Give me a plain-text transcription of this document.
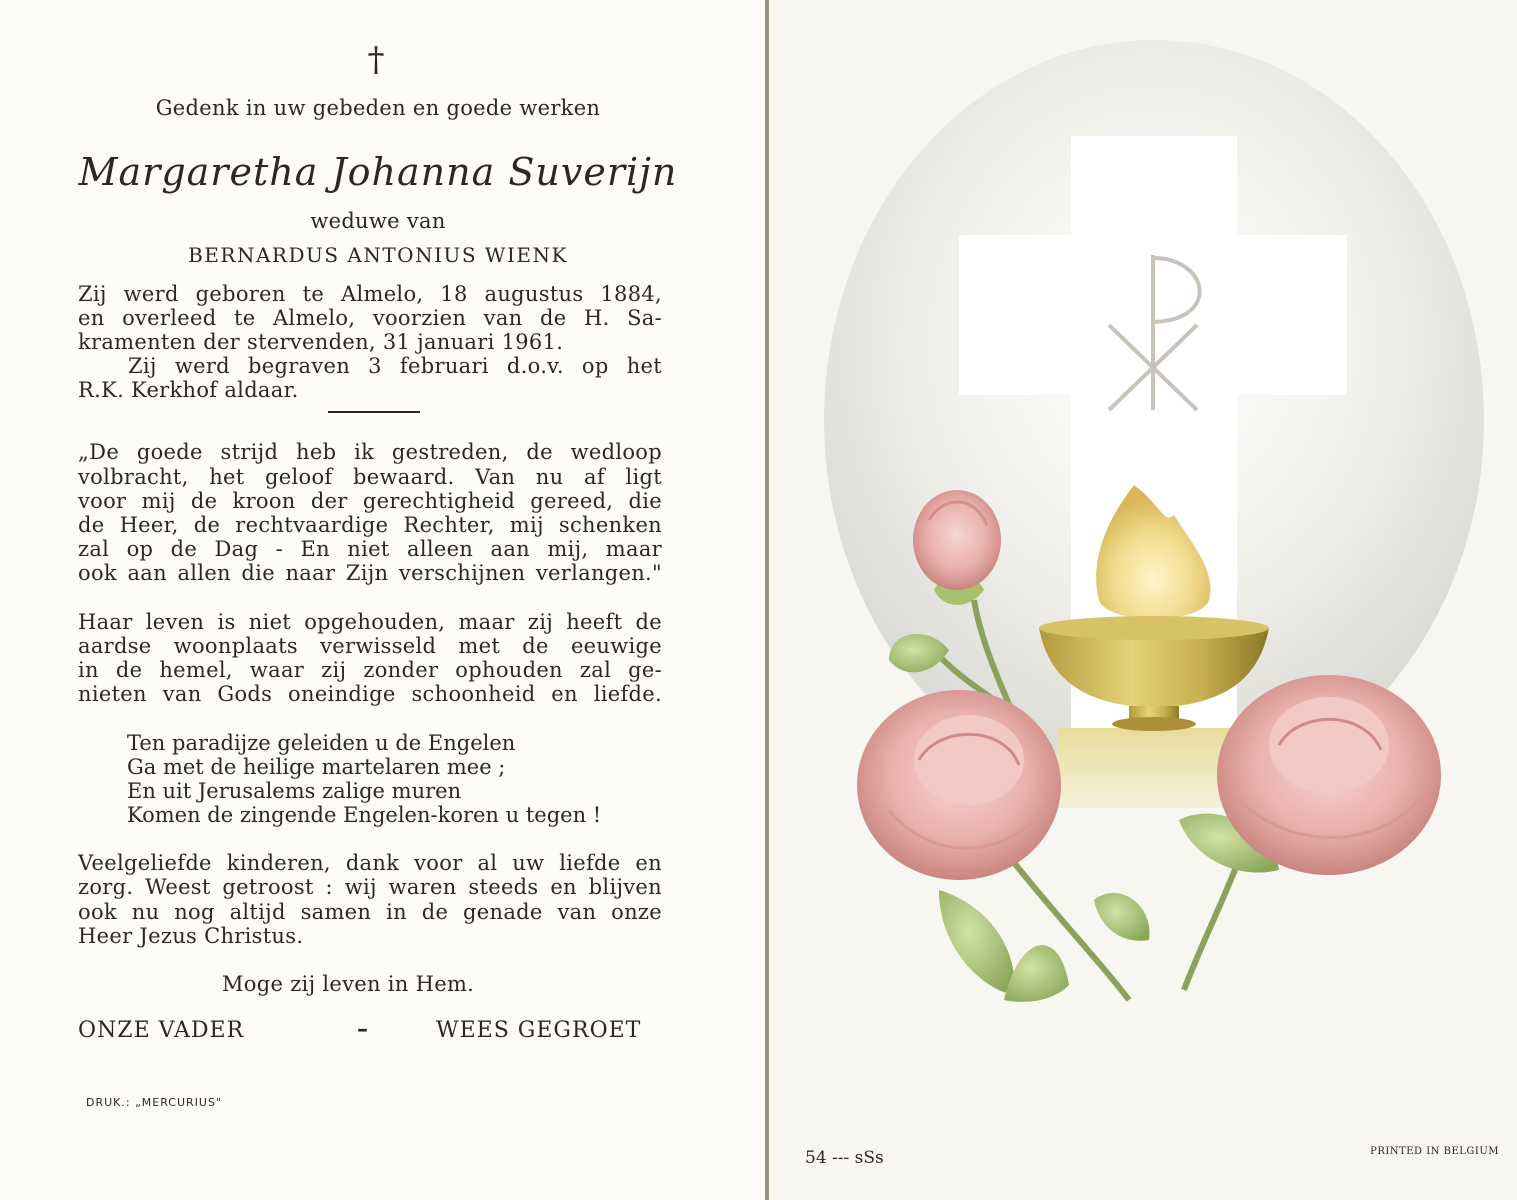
†
Gedenk in uw gebeden en goede werken
Margaretha Johanna Suverijn
weduwe van
BERNARDUS ANTONIUS WIENK
Zij werd geboren te Almelo, 18 augustus 1884,
en overleed te Almelo, voorzien van de H. Sa-
kramenten der stervenden, 31 januari 1961.
Zij werd begraven 3 februari d.o.v. op het
R.K. Kerkhof aldaar.
„De goede strijd heb ik gestreden, de wedloop
volbracht, het geloof bewaard. Van nu af ligt
voor mij de kroon der gerechtigheid gereed, die
de Heer, de rechtvaardige Rechter, mij schenken
zal op de Dag - En niet alleen aan mij, maar
ook aan allen die naar Zijn verschijnen verlangen."
Haar leven is niet opgehouden, maar zij heeft de
aardse woonplaats verwisseld met de eeuwige
in de hemel, waar zij zonder ophouden zal ge-
nieten van Gods oneindige schoonheid en liefde.
Ten paradijze geleiden u de Engelen
Ga met de heilige martelaren mee ;
En uit Jerusalems zalige muren
Komen de zingende Engelen-koren u tegen !
Veelgeliefde kinderen, dank voor al uw liefde en
zorg. Weest getroost : wij waren steeds en blijven
ook nu nog altijd samen in de genade van onze
Heer Jezus Christus.
Moge zij leven in Hem.
ONZE VADER	–	WEES GEGROET
DRUK.: „MERCURIUS"
54 --- sSs	PRINTED IN BELGIUM
